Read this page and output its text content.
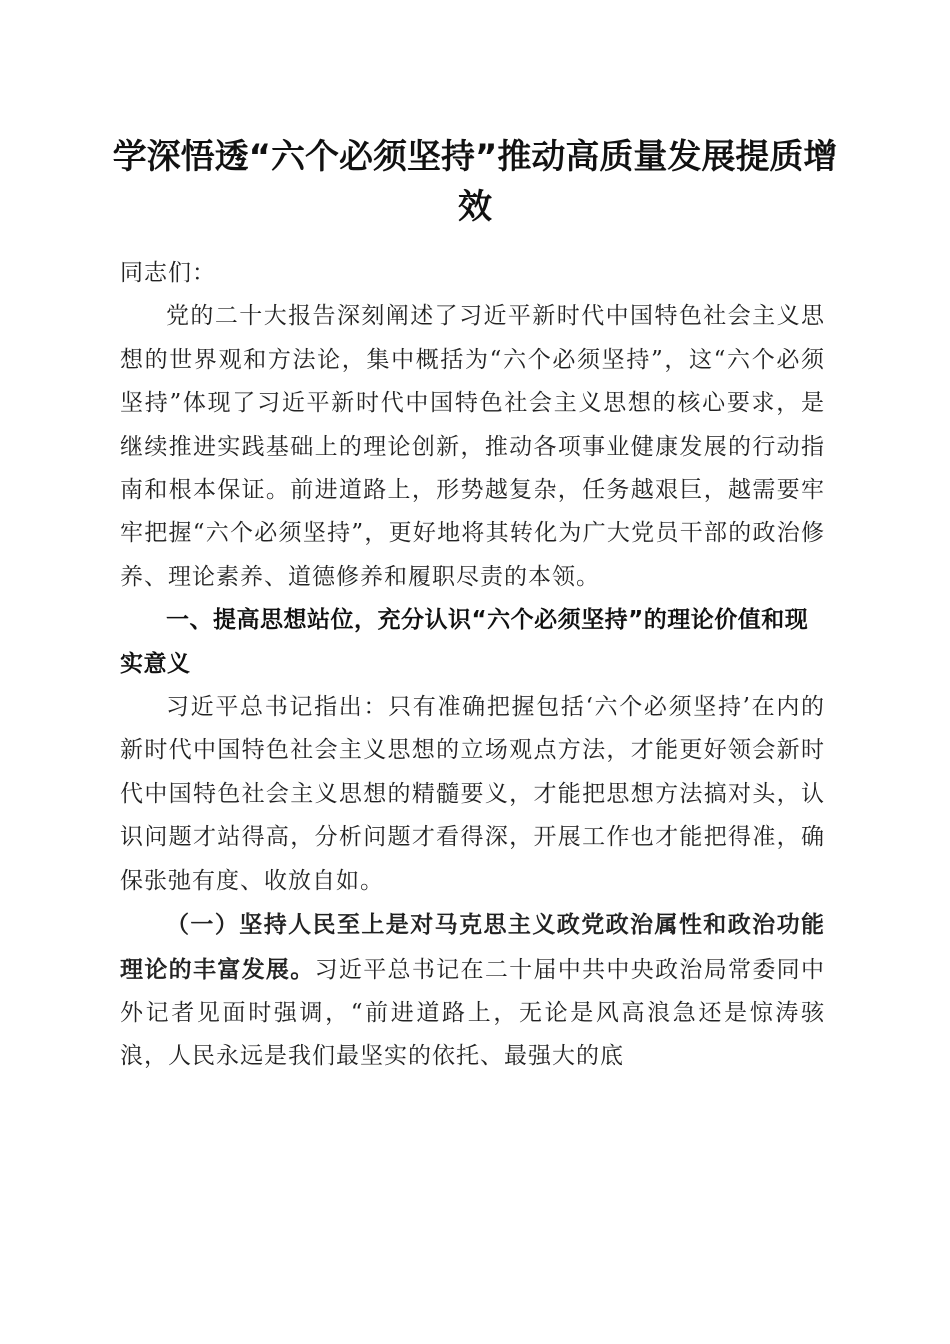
学深悟透“六个必须坚持”推动高质量发展提质增效

同志们：

党的二十大报告深刻阐述了习近平新时代中国特色社会主义思想的世界观和方法论，集中概括为“六个必须坚持”，这“六个必须坚持”体现了习近平新时代中国特色社会主义思想的核心要求，是继续推进实践基础上的理论创新，推动各项事业健康发展的行动指南和根本保证。前进道路上，形势越复杂，任务越艰巨，越需要牢牢把握“六个必须坚持”，更好地将其转化为广大党员干部的政治修养、理论素养、道德修养和履职尽责的本领。

一、提高思想站位，充分认识“六个必须坚持”的理论价值和现实意义

习近平总书记指出：只有准确把握包括‘六个必须坚持’在内的新时代中国特色社会主义思想的立场观点方法，才能更好领会新时代中国特色社会主义思想的精髓要义，才能把思想方法搞对头，认识问题才站得高，分析问题才看得深，开展工作也才能把得准，确保张弛有度、收放自如。

（一）坚持人民至上是对马克思主义政党政治属性和政治功能理论的丰富发展。习近平总书记在二十届中共中央政治局常委同中外记者见面时强调，“前进道路上，无论是风高浪急还是惊涛骇浪，人民永远是我们最坚实的依托、最强大的底
